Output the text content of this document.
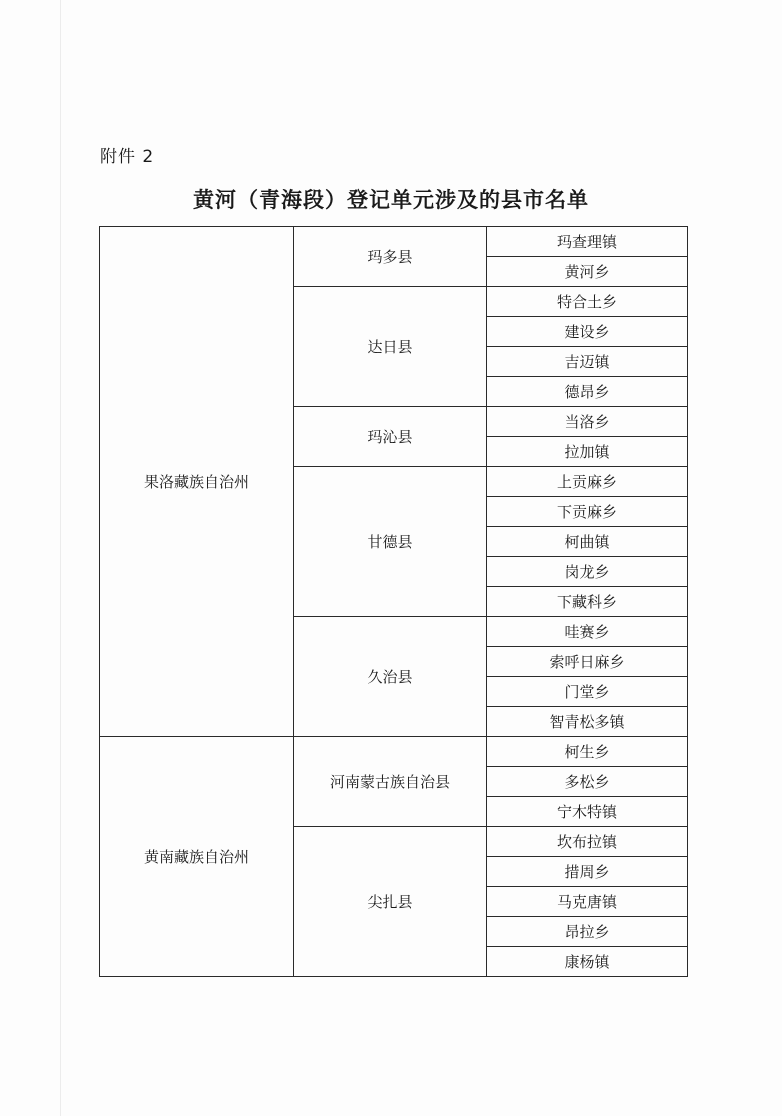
附件 2
黄河（青海段）登记单元涉及的县市名单
果洛藏族自治州	玛多县	玛查理镇
		黄河乡
	达日县	特合土乡
		建设乡
		吉迈镇
		德昂乡
	玛沁县	当洛乡
		拉加镇
	甘德县	上贡麻乡
		下贡麻乡
		柯曲镇
		岗龙乡
		下藏科乡
	久治县	哇赛乡
		索呼日麻乡
		门堂乡
		智青松多镇
黄南藏族自治州	河南蒙古族自治县	柯生乡
		多松乡
		宁木特镇
	尖扎县	坎布拉镇
		措周乡
		马克唐镇
		昂拉乡
		康杨镇
